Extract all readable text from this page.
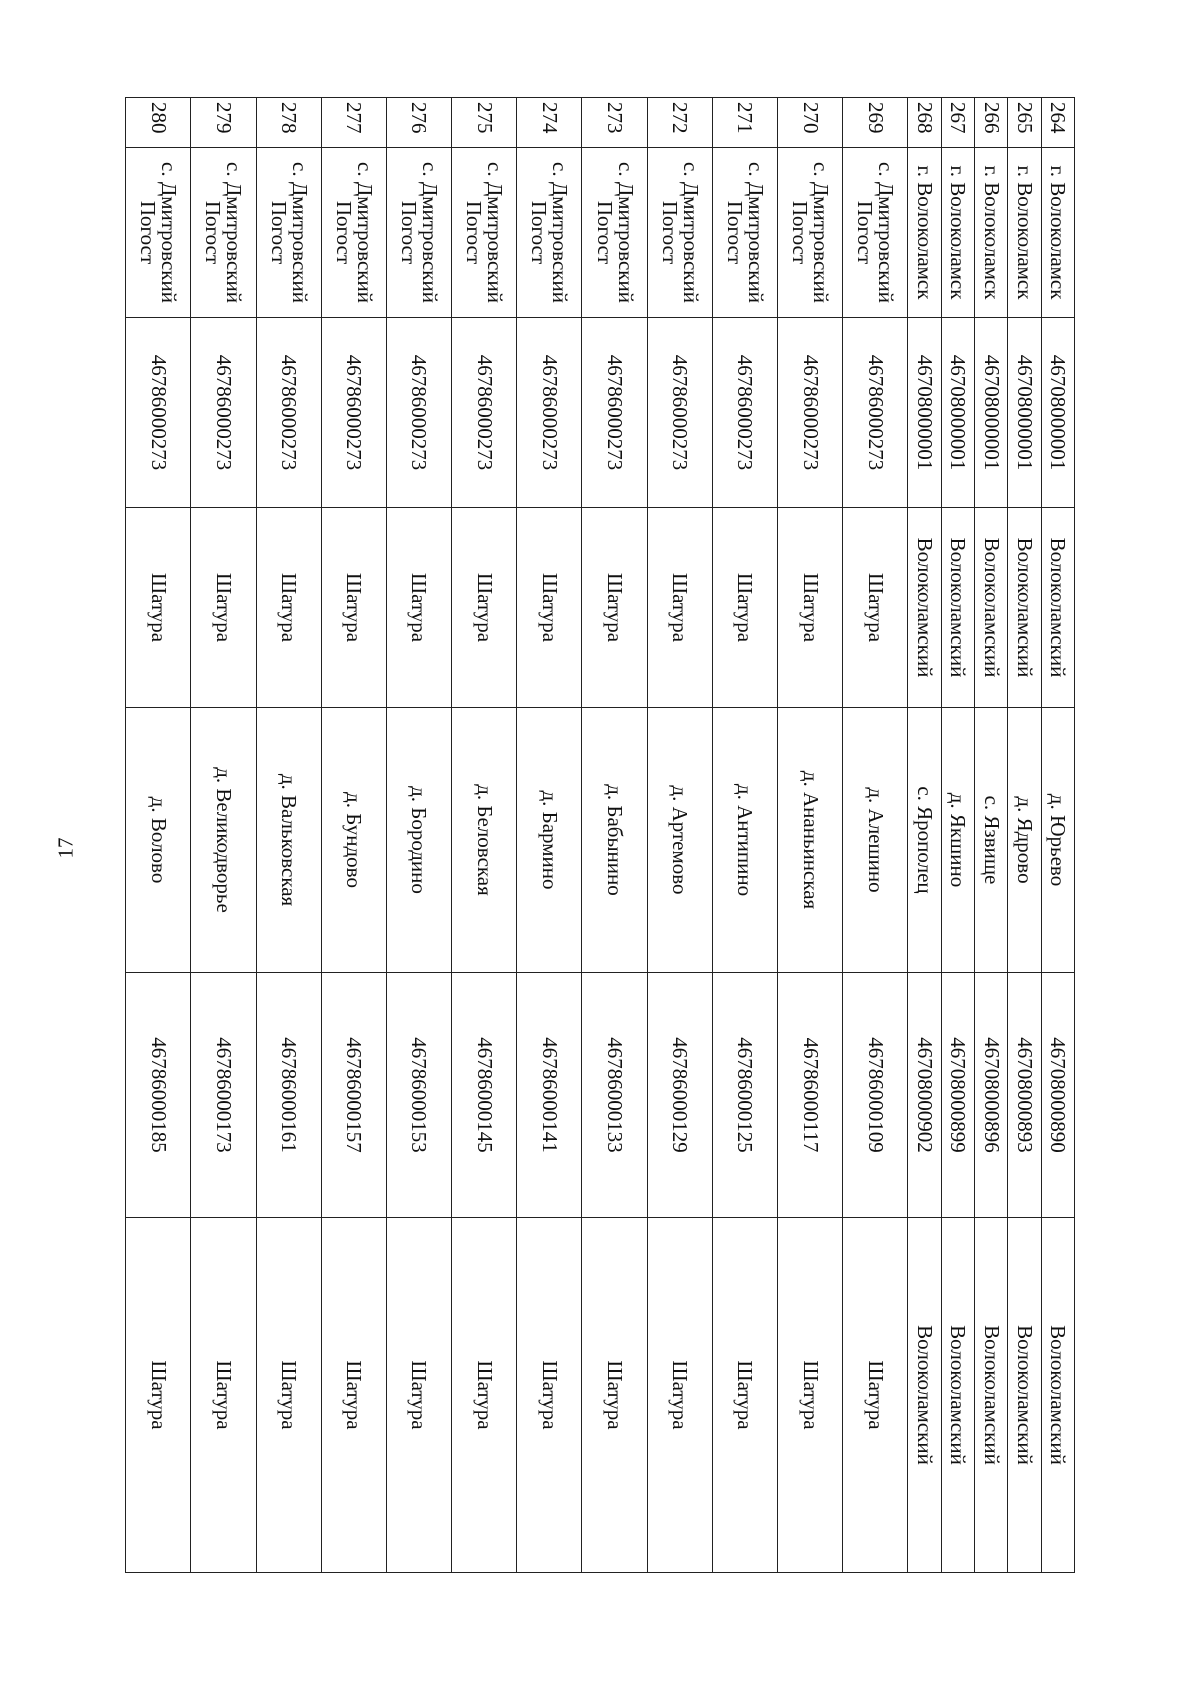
17
264	г. Волоколамск	46708000001	Волоколамский	д. Юрьево	46708000890	Волоколамский
265	г. Волоколамск	46708000001	Волоколамский	д. Ядрово	46708000893	Волоколамский
266	г. Волоколамск	46708000001	Волоколамский	с. Язвище	46708000896	Волоколамский
267	г. Волоколамск	46708000001	Волоколамский	д. Якшино	46708000899	Волоколамский
268	г. Волоколамск	46708000001	Волоколамский	с. Ярополец	46708000902	Волоколамский
269	с. Дмитровский Погост	46786000273	Шатура	д. Алешино	46786000109	Шатура
270	с. Дмитровский Погост	46786000273	Шатура	д. Ананьинская	46786000117	Шатура
271	с. Дмитровский Погост	46786000273	Шатура	д. Антипино	46786000125	Шатура
272	с. Дмитровский Погост	46786000273	Шатура	д. Артемово	46786000129	Шатура
273	с. Дмитровский Погост	46786000273	Шатура	д. Бабынино	46786000133	Шатура
274	с. Дмитровский Погост	46786000273	Шатура	д. Бармино	46786000141	Шатура
275	с. Дмитровский Погост	46786000273	Шатура	д. Беловская	46786000145	Шатура
276	с. Дмитровский Погост	46786000273	Шатура	д. Бородино	46786000153	Шатура
277	с. Дмитровский Погост	46786000273	Шатура	д. Бундово	46786000157	Шатура
278	с. Дмитровский Погост	46786000273	Шатура	д. Вальковская	46786000161	Шатура
279	с. Дмитровский Погост	46786000273	Шатура	д. Великодворье	46786000173	Шатура
280	с. Дмитровский Погост	46786000273	Шатура	д. Волово	46786000185	Шатура
